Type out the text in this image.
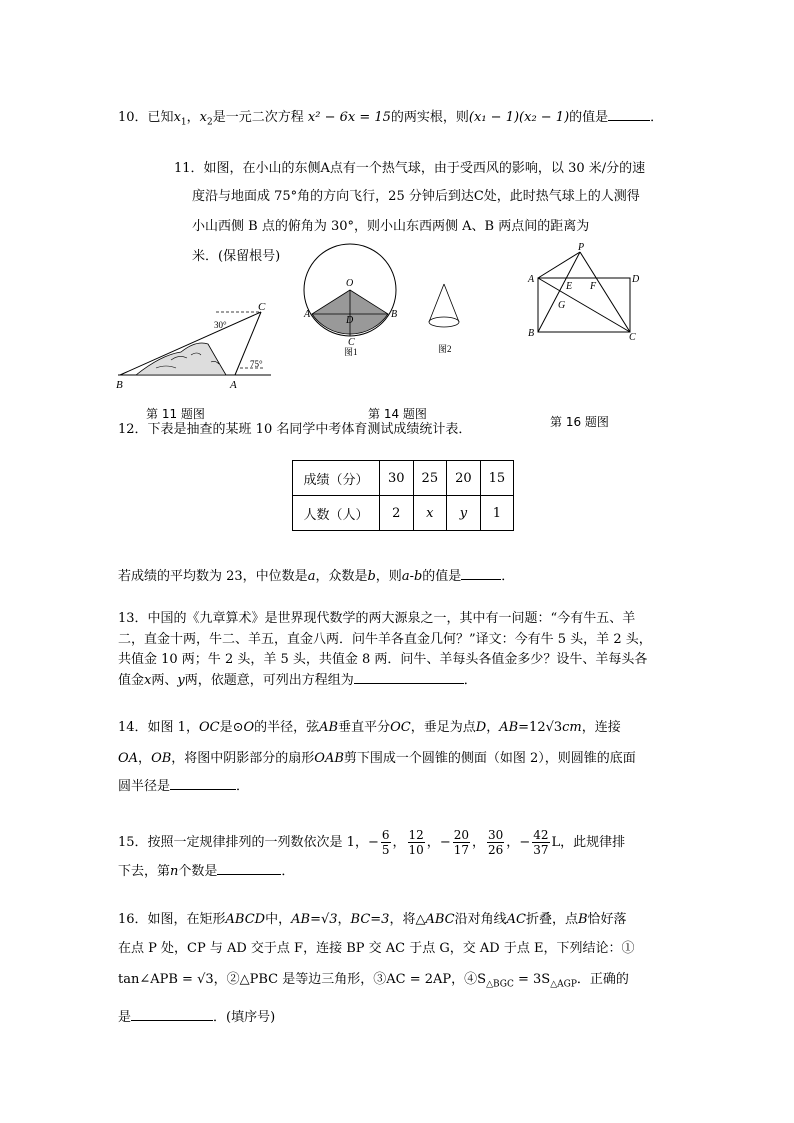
10．已知$x_1$，$x_2$是一元二次方程 x² − 6x = 15的两实根，则(x₁ − 1)(x₂ − 1)的值是	．
11．如图，在小山的东侧A点有一个热气球，由于受西风的影响，以 30 米/分的速
度沿与地面成 75°角的方向飞行，25 分钟后到达C处，此时热气球上的人测得
小山西侧 B 点的俯角为 30°，则小山东西两侧 A、B 两点间的距离为
米．(保留根号)
30°
75°
C
B	A
第 11 题图
O
A	B
D
C
图1	图2
第 14 题图
P
A	D
E F
G
B	C
第 16 题图
12．下表是抽查的某班 10 名同学中考体育测试成绩统计表．
成绩（分）	30	25	20	15
人数（人）	2	x	y	1
若成绩的平均数为 23，中位数是a，众数是b，则a-b的值是	．
13．中国的《九章算术》是世界现代数学的两大源泉之一，其中有一问题：“今有牛五、羊
二，直金十两，牛二、羊五，直金八两．问牛羊各直金几何？”译文：今有牛 5 头，羊 2 头，
共值金 10 两；牛 2 头，羊 5 头，共值金 8 两．问牛、羊每头各值金多少？设牛、羊每头各
值金x两、y两，依题意，可列出方程组为	．
14．如图 1，OC是⊙O的半径，弦AB垂直平分OC，垂足为点D，AB=12√3cm，连接
OA，OB，将图中阴影部分的扇形OAB剪下围成一个圆锥的侧面（如图 2），则圆锥的底面
圆半径是	．
15．按照一定规律排列的一列数依次是 1，− $\frac{6}{5}$ ， $\frac{12}{10}$ ，− $\frac{20}{17}$ ， $\frac{30}{26}$ ，− $\frac{42}{37}$ L，此规律排
下去，第n个数是	．
16．如图，在矩形ABCD中，AB=√3，BC=3，将△ABC沿对角线AC折叠，点B恰好落
在点 P 处，CP 与 AD 交于点 F，连接 BP 交 AC 于点 G，交 AD 于点 E，下列结论：①
tan∠APB = √3，②△PBC 是等边三角形，③AC = 2AP，$④S_{\triangle BGC} = 3S_{\triangle AGP}$．正确的
是	．(填序号)
